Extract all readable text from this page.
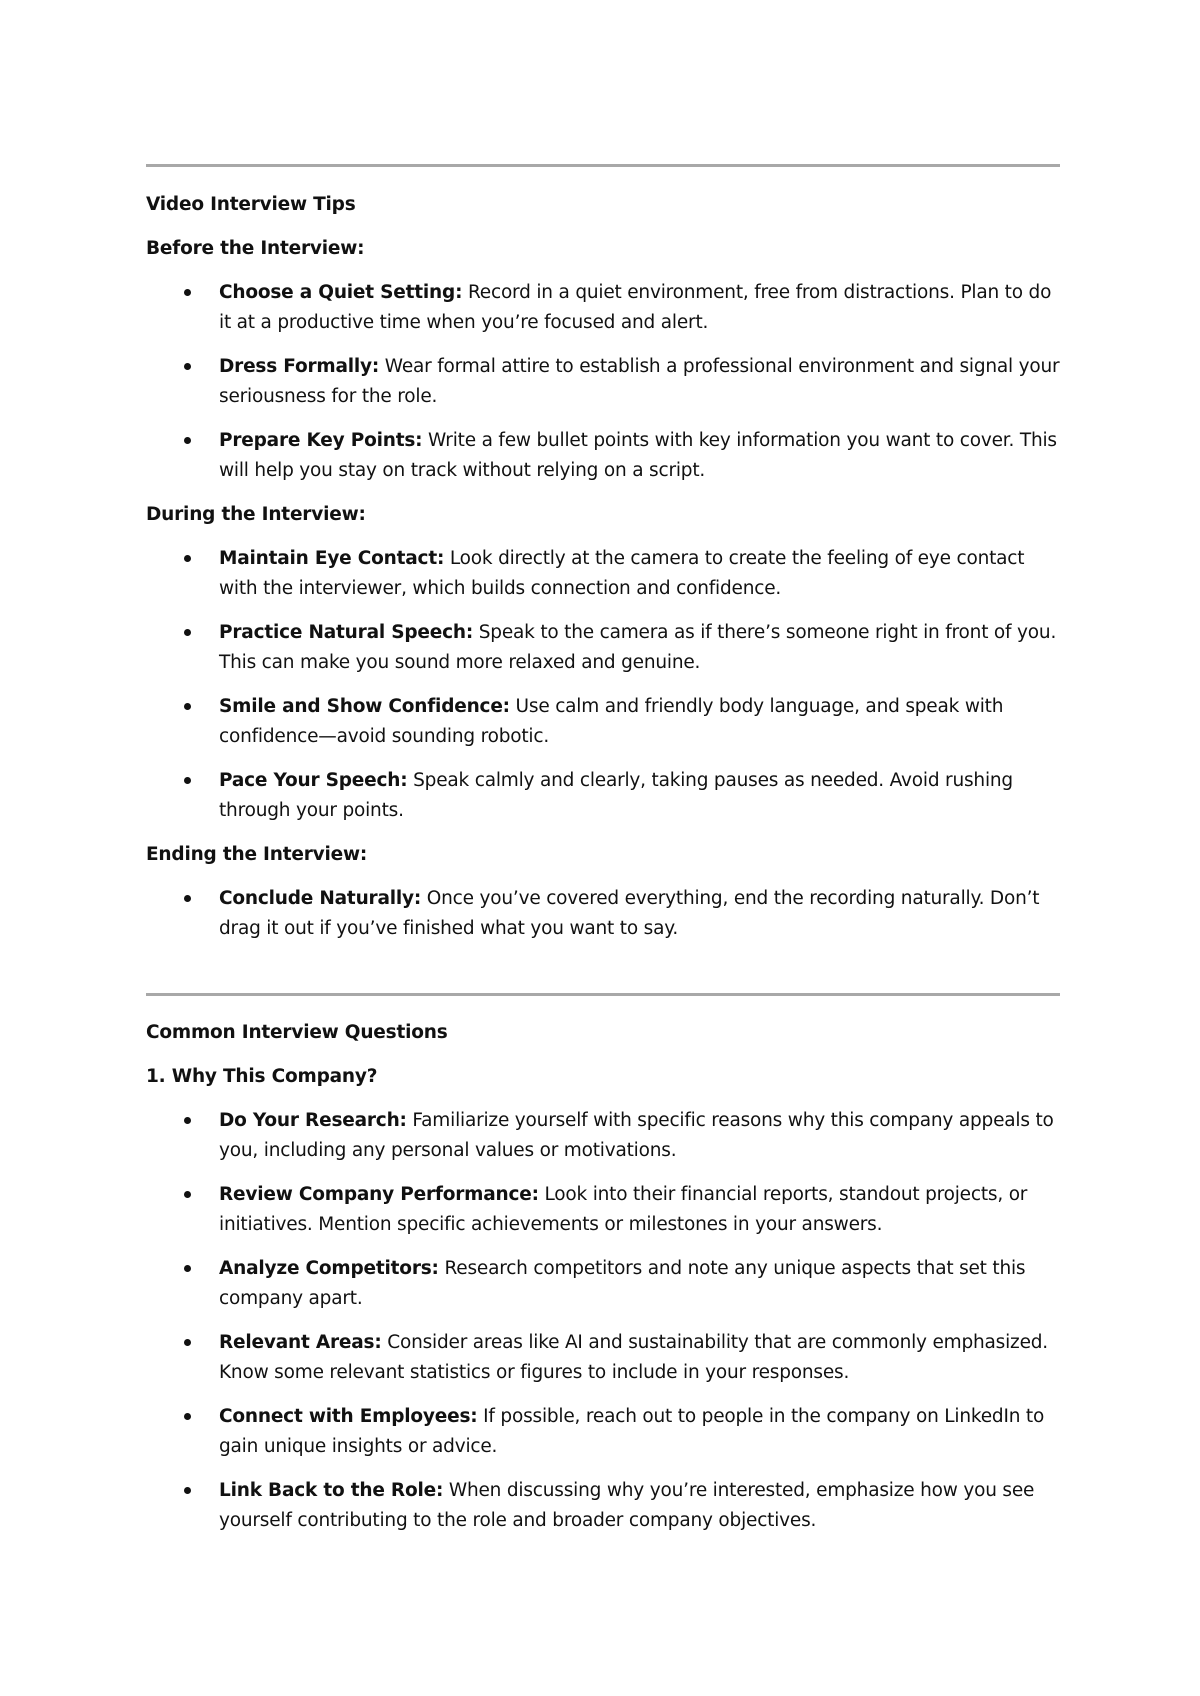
Video Interview Tips
Before the Interview:
Choose a Quiet Setting: Record in a quiet environment, free from distractions. Plan to do it at a productive time when you’re focused and alert.
Dress Formally: Wear formal attire to establish a professional environment and signal your seriousness for the role.
Prepare Key Points: Write a few bullet points with key information you want to cover. This will help you stay on track without relying on a script.
During the Interview:
Maintain Eye Contact: Look directly at the camera to create the feeling of eye contact with the interviewer, which builds connection and confidence.
Practice Natural Speech: Speak to the camera as if there’s someone right in front of you. This can make you sound more relaxed and genuine.
Smile and Show Confidence: Use calm and friendly body language, and speak with confidence—avoid sounding robotic.
Pace Your Speech: Speak calmly and clearly, taking pauses as needed. Avoid rushing through your points.
Ending the Interview:
Conclude Naturally: Once you’ve covered everything, end the recording naturally. Don’t drag it out if you’ve finished what you want to say.
Common Interview Questions
1. Why This Company?
Do Your Research: Familiarize yourself with specific reasons why this company appeals to you, including any personal values or motivations.
Review Company Performance: Look into their financial reports, standout projects, or initiatives. Mention specific achievements or milestones in your answers.
Analyze Competitors: Research competitors and note any unique aspects that set this company apart.
Relevant Areas: Consider areas like AI and sustainability that are commonly emphasized. Know some relevant statistics or figures to include in your responses.
Connect with Employees: If possible, reach out to people in the company on LinkedIn to gain unique insights or advice.
Link Back to the Role: When discussing why you’re interested, emphasize how you see yourself contributing to the role and broader company objectives.
